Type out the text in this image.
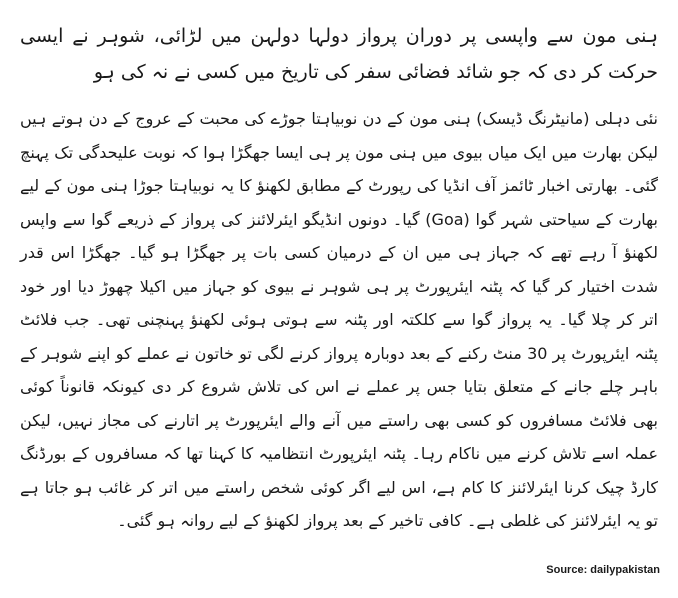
ہنی مون سے واپسی پر دوران پرواز دولہا دولہن میں لڑائی، شوہر نے ایسی حرکت کر دی کہ جو شائد فضائی سفر کی تاریخ میں کسی نے نہ کی ہو

نئی دہلی (مانیٹرنگ ڈیسک) ہنی مون کے دن نوبیاہتا جوڑے کی محبت کے عروج کے دن ہوتے ہیں لیکن بھارت میں ایک میاں بیوی میں ہنی مون پر ہی ایسا جھگڑا ہوا کہ نوبت علیحدگی تک پہنچ گئی۔ بھارتی اخبار ٹائمز آف انڈیا کی رپورٹ کے مطابق لکھنؤ کا یہ نوبیاہتا جوڑا ہنی مون کے لیے بھارت کے سیاحتی شہر گوا (Goa) گیا۔ دونوں انڈیگو ایئرلائنز کی پرواز کے ذریعے گوا سے واپس لکھنؤ آ رہے تھے کہ جہاز ہی میں ان کے درمیان کسی بات پر جھگڑا ہو گیا۔ جھگڑا اس قدر شدت اختیار کر گیا کہ پٹنہ ایئرپورٹ پر ہی شوہر نے بیوی کو جہاز میں اکیلا چھوڑ دیا اور خود اتر کر چلا گیا۔ یہ پرواز گوا سے کلکتہ اور پٹنہ سے ہوتی ہوئی لکھنؤ پہنچنی تھی۔ جب فلائٹ پٹنہ ایئرپورٹ پر 30 منٹ رکنے کے بعد دوبارہ پرواز کرنے لگی تو خاتون نے عملے کو اپنے شوہر کے باہر چلے جانے کے متعلق بتایا جس پر عملے نے اس کی تلاش شروع کر دی کیونکہ قانوناً کوئی بھی فلائٹ مسافروں کو کسی بھی راستے میں آنے والے ایئرپورٹ پر اتارنے کی مجاز نہیں، لیکن عملہ اسے تلاش کرنے میں ناکام رہا۔ پٹنہ ایئرپورٹ انتظامیہ کا کہنا تھا کہ مسافروں کے بورڈنگ کارڈ چیک کرنا ایئرلائنز کا کام ہے، اس لیے اگر کوئی شخص راستے میں اتر کر غائب ہو جاتا ہے تو یہ ایئرلائنز کی غلطی ہے۔ کافی تاخیر کے بعد پرواز لکھنؤ کے لیے روانہ ہو گئی۔

Source: dailypakistan
